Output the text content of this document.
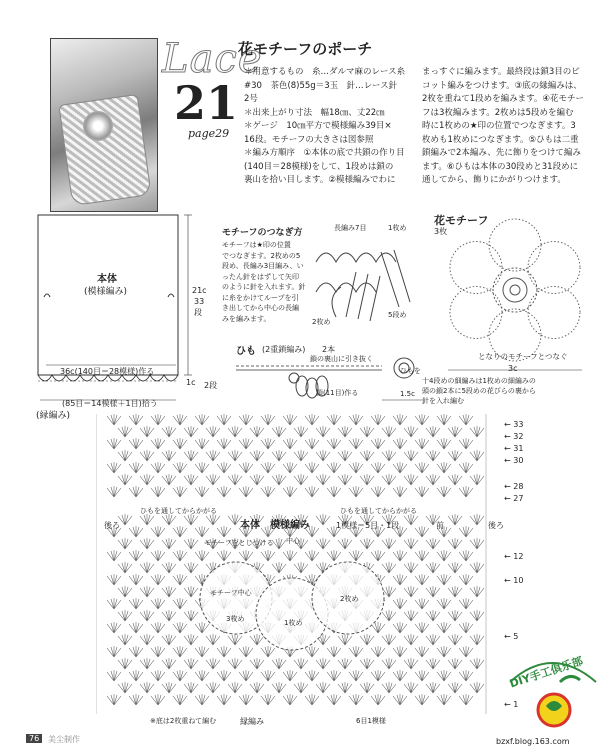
Lace
21
page29
花モチーフのポーチ
＊用意するもの　糸…ダルマ麻のレース糸
#30　茶色(8)55g＝3玉　針…レース針
2号
＊出来上がり寸法　幅18㎝、丈22㎝
＊ゲージ　10㎝平方で模様編み39目×
16段。モチーフの大きさは図参照
＊編み方順序　①本体の底で共鎖の作り目
(140目＝28模様)をして、1段めは鎖の
裏山を拾い目します。②模様編みでわに
まっすぐに編みます。最終段は鎖3目のピ
コット編みをつけます。③底の縁編みは、
2枚を重ねて1段めを編みます。④花モチー
フは3枚編みます。2枚めは5段めを編む
時に1枚めの★印の位置でつなぎます。3
枚めも1枚めにつなぎます。⑤ひもは二重
鎖編みで2本編み、先に飾りをつけて編み
ます。⑥ひもは本体の30段めと31段めに
通してから、飾りにかがりつけます。
本体
(模様編み)	21c
33
段
36c(140目＝28模様)作る
1c 2段
(85目＝14模様＋1目)拾う
(縁編み)
モチーフのつなぎ方
モチーフは★印の位置
でつなぎます。2枚めの5
段め、長編み3目編み、い
ったん針をはずして矢印
のように針を入れます。針
に糸をかけてループを引
き出してから中心の長編
みを編みます。
長編み7目	1枚め
2枚め
5段め
花モチーフ
3枚
となりのモチーフとつなぐ
3c
十4段めの細編みは1枚めの細編みの
頭の鎖2本に5段めの花びらの裏から
針を入れ編む
ひも (2重鎖編み) 2本
鎖の裏山に引き抜く
ひもを
鎖(11目)作る	1.5c
本体　模様編み	1模様＝5目・1段
ひもを通してからかがる	ひもを通してからかがる
後ろ	前	後ろ
モチーフをとじつける 中心
モチーフ中心
1枚め
2枚め
3枚め
← 33
← 32
← 31
← 30
← 28
← 27
← 12
← 10
← 5
← 1
※底は2枚重ねて編む	縁編み	6目1模様
76	美尘制作
DIY手工俱乐部
bzxf.blog.163.com
